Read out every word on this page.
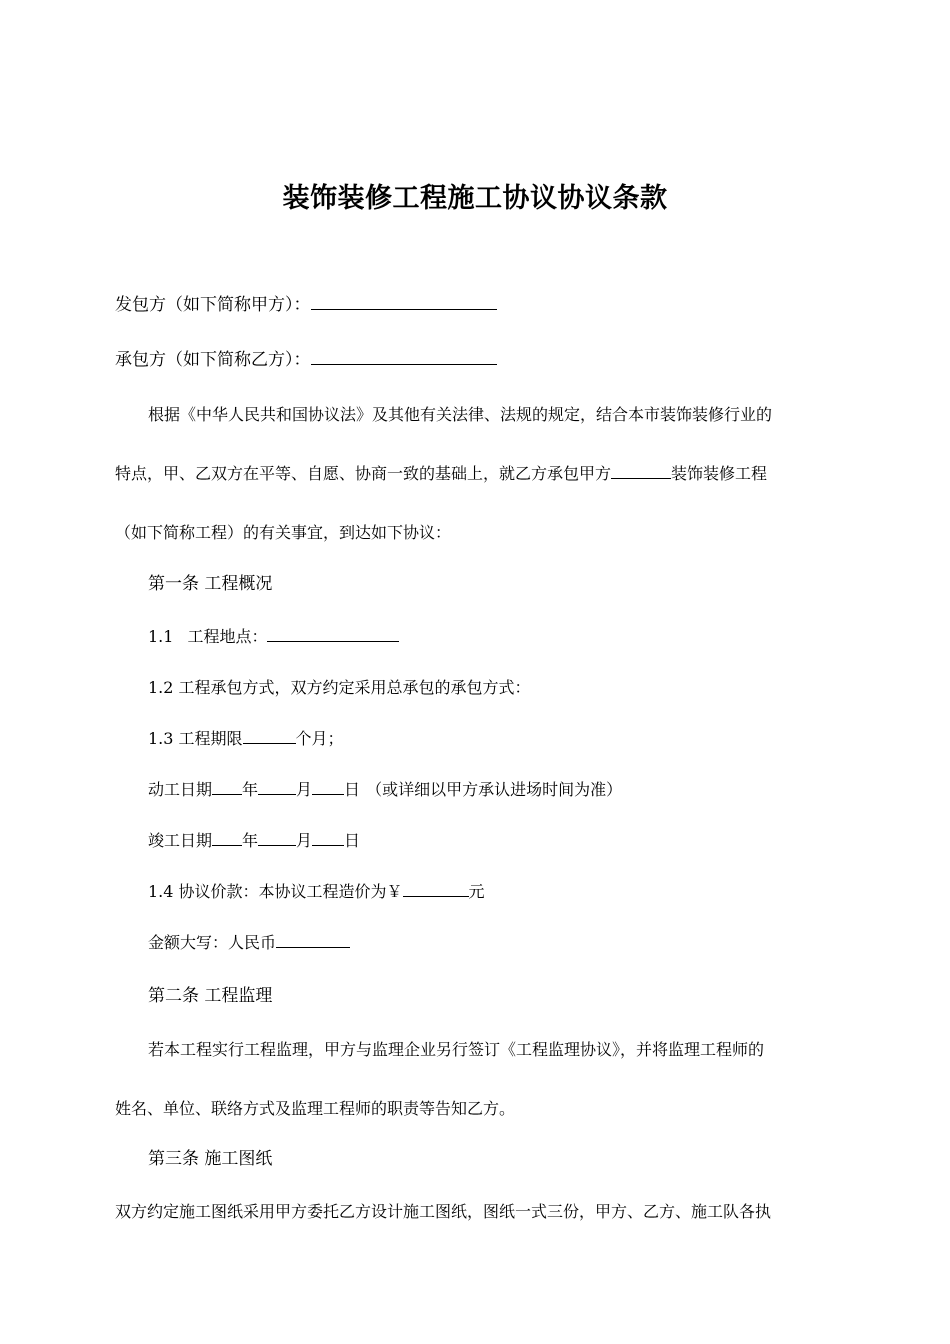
装饰装修工程施工协议协议条款
发包方（如下简称甲方）：
承包方（如下简称乙方）：
根据《中华人民共和国协议法》及其他有关法律、法规的规定，结合本市装饰装修行业的
特点，甲、乙双方在平等、自愿、协商一致的基础上，就乙方承包甲方	装饰装修工程
（如下简称工程）的有关事宜，到达如下协议：
第一条 工程概况
1.1 工程地点：
1.2 工程承包方式，双方约定采用总承包的承包方式：
1.3 工程期限	个月；
动工日期 年 月 日 （或详细以甲方承认进场时间为准）
竣工日期 年 月 日
1.4 协议价款：本协议工程造价为￥	元
金额大写：人民币
第二条 工程监理
若本工程实行工程监理，甲方与监理企业另行签订《工程监理协议》，并将监理工程师的
姓名、单位、联络方式及监理工程师的职责等告知乙方。
第三条 施工图纸
双方约定施工图纸采用甲方委托乙方设计施工图纸，图纸一式三份，甲方、乙方、施工队各执
